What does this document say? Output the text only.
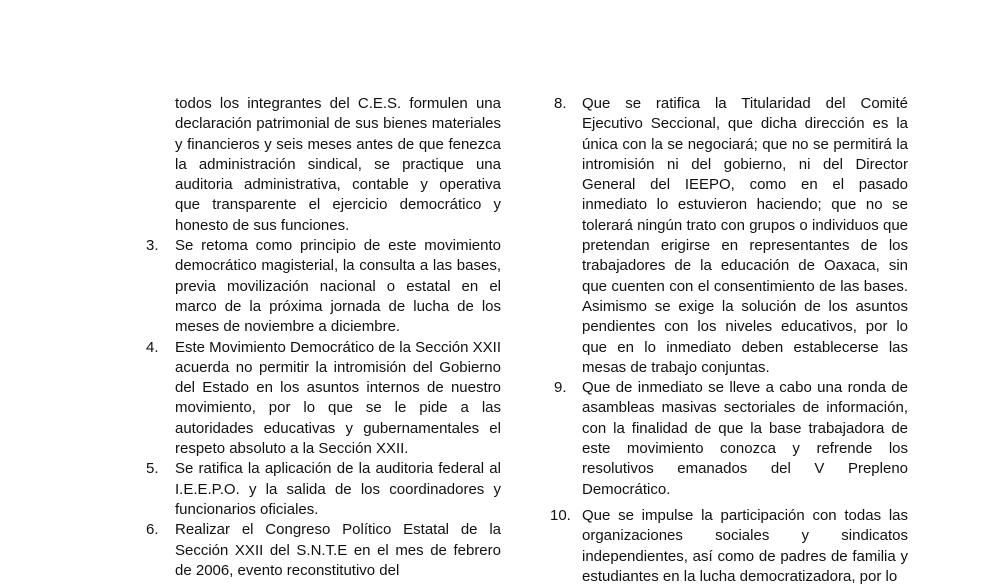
todos los integrantes del C.E.S. formulen una declaración patrimonial de sus bienes materiales y financieros y seis meses antes de que fenezca la administración sindical, se practique una auditoria administrativa, contable y operativa que transparente el ejercicio democrático y honesto de sus funciones.

3. Se retoma como principio de este movimiento democrático magisterial, la consulta a las bases, previa movilización nacional o estatal en el marco de la próxima jornada de lucha de los meses de noviembre a diciembre.

4. Este Movimiento Democrático de la Sección XXII acuerda no permitir la intromisión del Gobierno del Estado en los asuntos internos de nuestro movimiento, por lo que se le pide a las autoridades educativas y gubernamentales el respeto absoluto a la Sección XXII.

5. Se ratifica la aplicación de la auditoria federal al I.E.E.P.O. y la salida de los coordinadores y funcionarios oficiales.

6. Realizar el Congreso Político Estatal de la Sección XXII del S.N.T.E en el mes de febrero de 2006, evento reconstitutivo del

8. Que se ratifica la Titularidad del Comité Ejecutivo Seccional, que dicha dirección es la única con la se negociará; que no se permitirá la intromisión ni del gobierno, ni del Director General del IEEPO, como en el pasado inmediato lo estuvieron haciendo; que no se tolerará ningún trato con grupos o individuos que pretendan erigirse en representantes de los trabajadores de la educación de Oaxaca, sin que cuenten con el consentimiento de las bases. Asimismo se exige la solución de los asuntos pendientes con los niveles educativos, por lo que en lo inmediato deben establecerse las mesas de trabajo conjuntas.

9. Que de inmediato se lleve a cabo una ronda de asambleas masivas sectoriales de información, con la finalidad de que la base trabajadora de este movimiento conozca y refrende los resolutivos emanados del V Prepleno Democrático.

10. Que se impulse la participación con todas las organizaciones sociales y sindicatos independientes, así como de padres de familia y estudiantes en la lucha democratizadora, por lo
